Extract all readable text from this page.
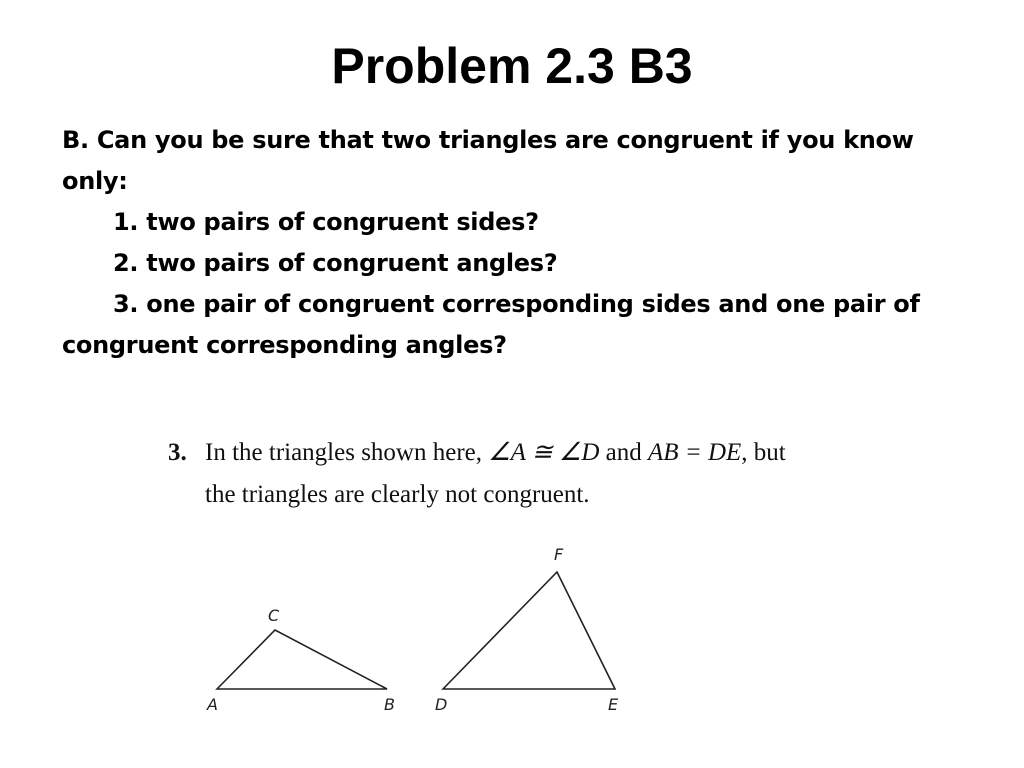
Problem 2.3 B3
B. Can you be sure that two triangles are congruent if you know
only:
1. two pairs of congruent sides?
2. two pairs of congruent angles?
3. one pair of congruent corresponding sides and one pair of
congruent corresponding angles?
3. In the triangles shown here, ∠A ≅ ∠D and AB = DE, but
the triangles are clearly not congruent.
C
A	B	D
F
E
